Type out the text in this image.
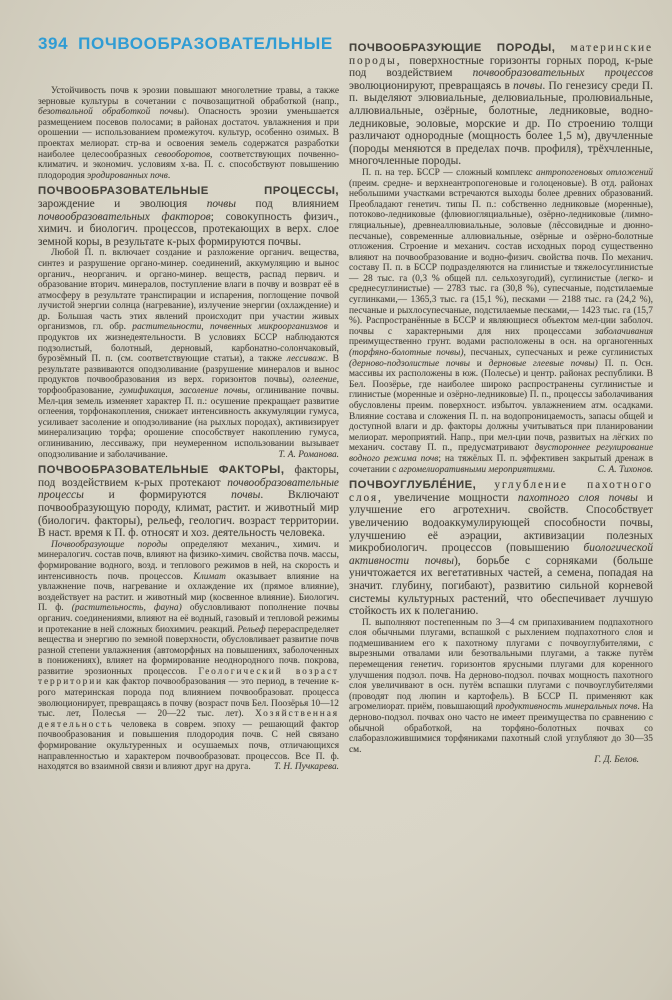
394 ПОЧВООБРАЗОВАТЕЛЬНЫЕ

Устойчивость почв к эрозии повышают многолетние травы, а также зерновые культуры в сочетании с почвозащитной обработкой (напр., безотвальной обработкой почвы). Опасность эрозии уменьшается размещением посевов полосами; в районах достаточ. увлажнения и при орошении — использованием промежуточ. культур, особенно озимых. В проектах мелиорат. стр-ва и освоения земель содержатся разработки наиболее целесообразных севооборотов, соответствующих почвенно-климатич. и экономич. условиям х-ва. П. с. способствуют повышению плодородия эродированных почв.

ПОЧВООБРАЗОВАТЕЛЬНЫЕ ПРОЦЕССЫ, зарождение и эволюция почвы под влиянием почвообразовательных факторов; совокупность физич., химич. и биологич. процессов, протекающих в верх. слое земной коры, в результате к-рых формируются почвы.

Любой П. п. включает создание и разложение органич. вещества, синтез и разрушение органо-минер. соединений, аккумуляцию и вынос органич., неорганич. и органо-минер. веществ, распад первич. и образование вторич. минералов, поступление влаги в почву и возврат её в атмосферу в результате транспирации и испарения, поглощение почвой лучистой энергии солнца (нагревание), излучение энергии (охлаждение) и др. Большая часть этих явлений происходит при участии живых организмов, гл. обр. растительности, почвенных микроорганизмов и продуктов их жизнедеятельности. В условиях БССР наблюдаются подзолистый, болотный, дерновый, карбонатно-солончаковый, бурозёмный П. п. (см. соответствующие статьи), а также лессиваж. В результате развиваются оподзоливание (разрушение минералов и вынос продуктов почвообразования из верх. горизонтов почвы), оглеение, торфообразование, гумификация, засоление почвы, оглинивание почвы. Мел-ция земель изменяет характер П. п.: осушение прекращает развитие оглеения, торфонакопления, снижает интенсивность аккумуляции гумуса, усиливает засоление и оподзоливание (на рыхлых породах), активизирует минерализацию торфа; орошение способствует накоплению гумуса, оглиниванию, лессиважу, при неумеренном использовании вызывает оподзоливание и заболачивание.	Т. А. Романова.

ПОЧВООБРАЗОВАТЕЛЬНЫЕ ФАКТОРЫ, факторы, под воздействием к-рых протекают почвообразовательные процессы и формируются почвы. Включают почвообразующую породу, климат, растит. и животный мир (биологич. факторы), рельеф, геологич. возраст территории. В наст. время к П. ф. относят и хоз. деятельность человека.

Почвообразующие породы определяют механич., химич. и минералогич. состав почв, влияют на физико-химич. свойства почв. массы, формирование водного, возд. и теплового режимов в ней, на скорость и интенсивность почв. процессов. Климат оказывает влияние на увлажнение почв, нагревание и охлаждение их (прямое влияние), воздействует на растит. и животный мир (косвенное влияние). Биологич. П. ф. (растительность, фауна) обусловливают пополнение почвы органич. соединениями, влияют на её водный, газовый и тепловой режимы и протекание в ней сложных биохимич. реакций. Рельеф перераспределяет вещества и энергию по земной поверхности, обусловливает развитие почв разной степени увлажнения (автоморфных на повышениях, заболоченных в понижениях), влияет на формирование неоднородного почв. покрова, развитие эрозионных процессов. Геологический возраст территории как фактор почвообразования — это период, в течение к-рого материнская порода под влиянием почвообразоват. процесса эволюционирует, превращаясь в почву (возраст почв Бел. Поозёрья 10—12 тыс. лет, Полесья — 20—22 тыс. лет). Хозяйственная деятельность человека в соврем. эпоху — решающий фактор почвообразования и повышения плодородия почв. С ней связано формирование окультуренных и осушаемых почв, отличающихся направленностью и характером почвообразоват. процессов. Все П. ф. находятся во взаимной связи и влияют друг на друга.	Т. Н. Пучкарева.

ПОЧВООБРАЗУЮЩИЕ ПОРОДЫ, материнские породы, поверхностные горизонты горных пород, к-рые под воздействием почвообразовательных процессов эволюционируют, превращаясь в почвы. По генезису среди П. п. выделяют элювиальные, делювиальные, пролювиальные, аллювиальные, озёрные, болотные, ледниковые, водно-ледниковые, эоловые, морские и др. По строению толщи различают однородные (мощность более 1,5 м), двучленные (породы меняются в пределах почв. профиля), трёхчленные, многочленные породы.

П. п. на тер. БССР — сложный комплекс антропогеновых отложений (преим. средне- и верхнеантропогеновые и голоценовые). В отд. районах небольшими участками встречаются выходы более древних образований. Преобладают генетич. типы П. п.: собственно ледниковые (моренные), потоково-ледниковые (флювиогляциальные), озёрно-ледниковые (лимно-гляциальные), древнеаллювиальные, эоловые (лёссовидные и дюнно-песчаные), современные аллювиальные, озёрные и озёрно-болотные отложения. Строение и механич. состав исходных пород существенно влияют на почвообразование и водно-физич. свойства почв. По механич. составу П. п. в БССР подразделяются на глинистые и тяжелосуглинистые — 28 тыс. га (0,3 % общей пл. сельхозугодий), суглинистые (легко- и среднесуглинистые) — 2783 тыс. га (30,8 %), супесчаные, подстилаемые суглинками,— 1365,3 тыс. га (15,1 %), песками — 2188 тыс. га (24,2 %), песчаные и рыхлосупесчаные, подстилаемые песками,— 1423 тыс. га (15,7 %). Распространённые в БССР и являющиеся объектом мел-ции заболоч. почвы с характерными для них процессами заболачивания преимущественно грунт. водами расположены в осн. на органогенных (торфяно-болотные почвы), песчаных, супесчаных и реже суглинистых (дерново-подзолистые почвы и дерновые глеевые почвы) П. п. Осн. массивы их расположены в юж. (Полесье) и центр. районах республики. В Бел. Поозёрье, где наиболее широко распространены суглинистые и глинистые (моренные и озёрно-ледниковые) П. п., процессы заболачивания обусловлены преим. поверхност. избыточ. увлажнением атм. осадками. Влияние состава и сложения П. п. на водопроницаемость, запасы общей и доступной влаги и др. факторы должны учитываться при планировании мелиорат. мероприятий. Напр., при мел-ции почв, развитых на лёгких по механич. составу П. п., предусматривают двустороннее регулирование водного режима почв; на тяжёлых П. п. эффективен закрытый дренаж в сочетании с агромелиоративными мероприятиями.	С. А. Тихонов.

ПОЧВОУГЛУБЛЕ́НИЕ, углубление пахотного слоя, увеличение мощности пахотного слоя почвы и улучшение его агротехнич. свойств. Способствует увеличению водоаккумулирующей способности почвы, улучшению её аэрации, активизации полезных микробиологич. процессов (повышению биологической активности почвы), борьбе с сорняками (больше уничтожается их вегетативных частей, а семена, попадая на значит. глубину, погибают), развитию сильной корневой системы культурных растений, что обеспечивает лучшую стойкость их к полеганию.

П. выполняют постепенным по 3—4 см припахиванием подпахотного слоя обычными плугами, вспашкой с рыхлением подпахотного слоя и подмешиванием его к пахотному плугами с почвоуглубителями, с вырезными отвалами или безотвальными плугами, а также путём перемещения генетич. горизонтов ярусными плугами для коренного улучшения подзол. почв. На дерново-подзол. почвах мощность пахотного слоя увеличивают в осн. путём вспашки плугами с почвоуглубителями (проводят под люпин и картофель). В БССР П. применяют как агромелиорат. приём, повышающий продуктивность минеральных почв. На дерново-подзол. почвах оно часто не имеет преимущества по сравнению с обычной обработкой, на торфяно-болотных почвах со слаборазложившимися торфяниками пахотный слой углубляют до 30—35 см.

Г. Д. Белов.
